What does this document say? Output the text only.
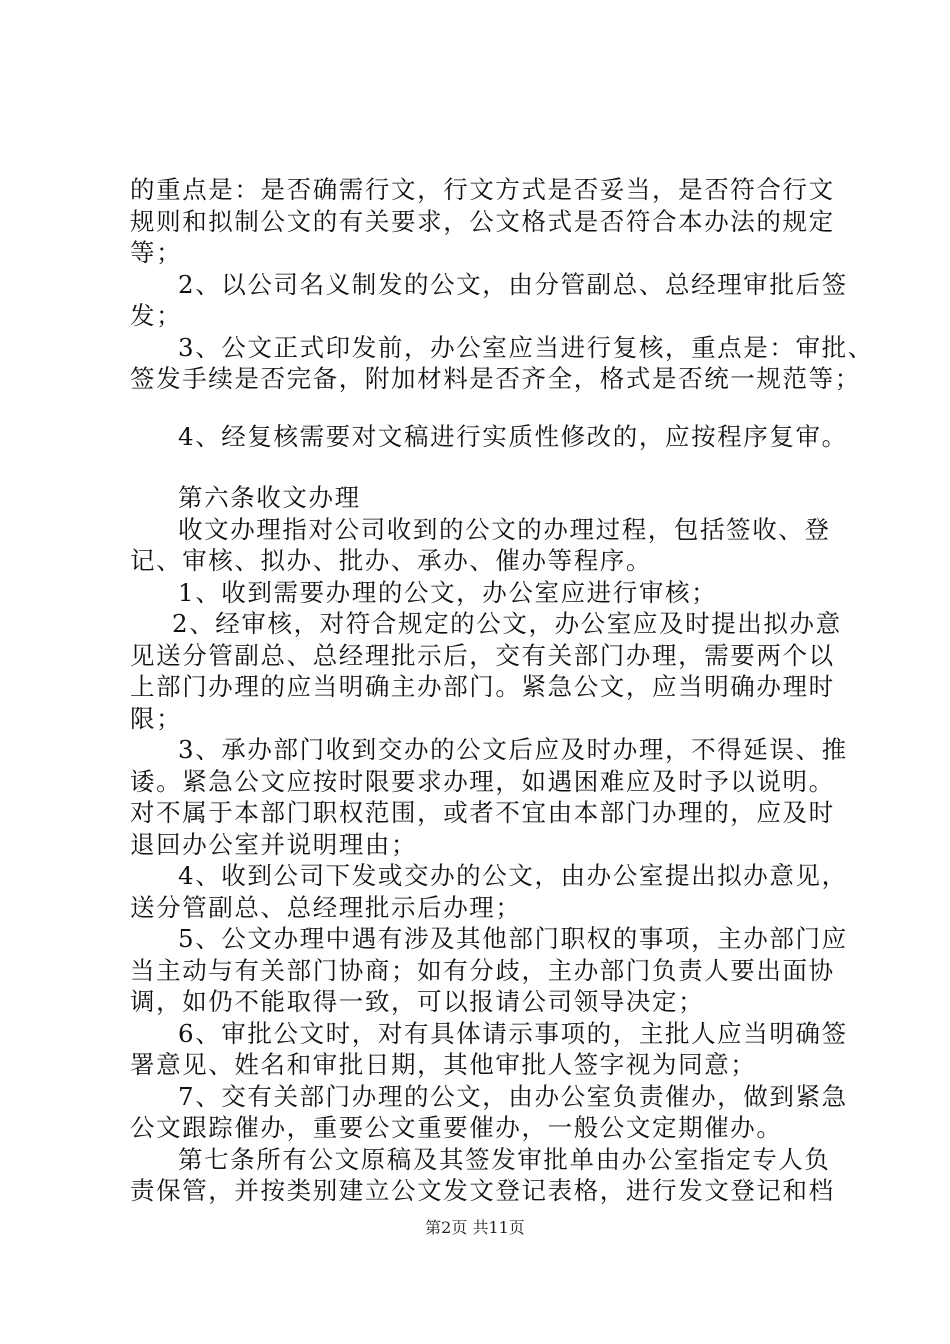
的重点是：是否确需行文，行文方式是否妥当，是否符合行文
规则和拟制公文的有关要求，公文格式是否符合本办法的规定
等；
2、以公司名义制发的公文，由分管副总、总经理审批后签
发；
3、公文正式印发前，办公室应当进行复核，重点是：审批、
签发手续是否完备，附加材料是否齐全，格式是否统一规范等；
4、经复核需要对文稿进行实质性修改的，应按程序复审。
第六条收文办理
收文办理指对公司收到的公文的办理过程，包括签收、登
记、审核、拟办、批办、承办、催办等程序。
1、收到需要办理的公文，办公室应进行审核；
2、经审核，对符合规定的公文，办公室应及时提出拟办意
见送分管副总、总经理批示后，交有关部门办理，需要两个以
上部门办理的应当明确主办部门。紧急公文，应当明确办理时
限；
3、承办部门收到交办的公文后应及时办理，不得延误、推
诿。紧急公文应按时限要求办理，如遇困难应及时予以说明。
对不属于本部门职权范围，或者不宜由本部门办理的，应及时
退回办公室并说明理由；
4、收到公司下发或交办的公文，由办公室提出拟办意见，
送分管副总、总经理批示后办理；
5、公文办理中遇有涉及其他部门职权的事项，主办部门应
当主动与有关部门协商；如有分歧，主办部门负责人要出面协
调，如仍不能取得一致，可以报请公司领导决定；
6、审批公文时，对有具体请示事项的，主批人应当明确签
署意见、姓名和审批日期，其他审批人签字视为同意；
7、交有关部门办理的公文，由办公室负责催办，做到紧急
公文跟踪催办，重要公文重要催办，一般公文定期催办。
第七条所有公文原稿及其签发审批单由办公室指定专人负
责保管，并按类别建立公文发文登记表格，进行发文登记和档
第2页 共11页
